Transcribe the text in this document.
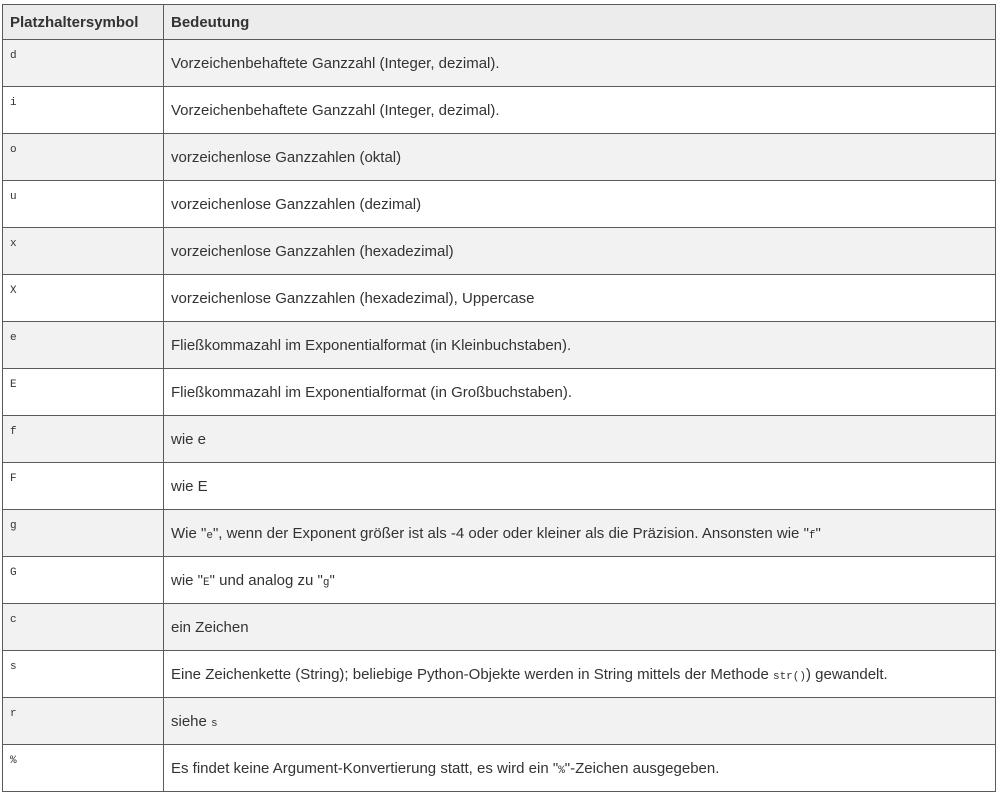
Platzhaltersymbol	Bedeutung
d	Vorzeichenbehaftete Ganzzahl (Integer, dezimal).
i	Vorzeichenbehaftete Ganzzahl (Integer, dezimal).
o	vorzeichenlose Ganzzahlen (oktal)
u	vorzeichenlose Ganzzahlen (dezimal)
x	vorzeichenlose Ganzzahlen (hexadezimal)
X	vorzeichenlose Ganzzahlen (hexadezimal), Uppercase
e	Fließkommazahl im Exponentialformat (in Kleinbuchstaben).
E	Fließkommazahl im Exponentialformat (in Großbuchstaben).
f	wie e
F	wie E
g	Wie "e", wenn der Exponent größer ist als -4 oder oder kleiner als die Präzision. Ansonsten wie "f"
G	wie "E" und analog zu "g"
c	ein Zeichen
s	Eine Zeichenkette (String); beliebige Python-Objekte werden in String mittels der Methode str()) gewandelt.
r	siehe s
%	Es findet keine Argument-Konvertierung statt, es wird ein "%"-Zeichen ausgegeben.
